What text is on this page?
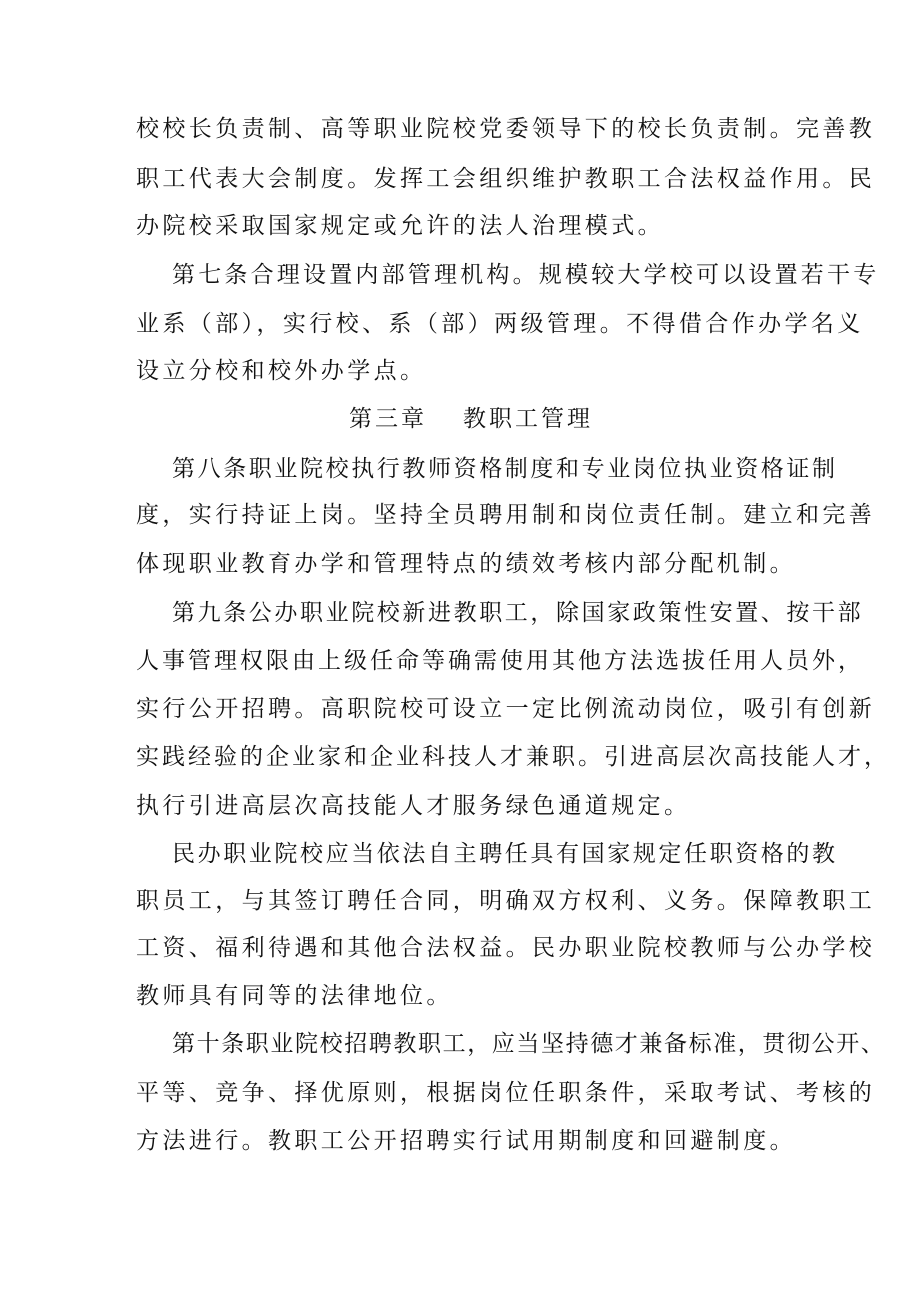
校校长负责制、高等职业院校党委领导下的校长负责制。完善教
职工代表大会制度。发挥工会组织维护教职工合法权益作用。民
办院校采取国家规定或允许的法人治理模式。
第七条合理设置内部管理机构。规模较大学校可以设置若干专
业系（部），实行校、系（部）两级管理。不得借合作办学名义
设立分校和校外办学点。
第三章 教职工管理
第八条职业院校执行教师资格制度和专业岗位执业资格证制
度，实行持证上岗。坚持全员聘用制和岗位责任制。建立和完善
体现职业教育办学和管理特点的绩效考核内部分配机制。
第九条公办职业院校新进教职工，除国家政策性安置、按干部
人事管理权限由上级任命等确需使用其他方法选拔任用人员外，
实行公开招聘。高职院校可设立一定比例流动岗位，吸引有创新
实践经验的企业家和企业科技人才兼职。引进高层次高技能人才，
执行引进高层次高技能人才服务绿色通道规定。
民办职业院校应当依法自主聘任具有国家规定任职资格的教
职员工，与其签订聘任合同，明确双方权利、义务。保障教职工
工资、福利待遇和其他合法权益。民办职业院校教师与公办学校
教师具有同等的法律地位。
第十条职业院校招聘教职工，应当坚持德才兼备标准，贯彻公开、
平等、竞争、择优原则，根据岗位任职条件，采取考试、考核的
方法进行。教职工公开招聘实行试用期制度和回避制度。
